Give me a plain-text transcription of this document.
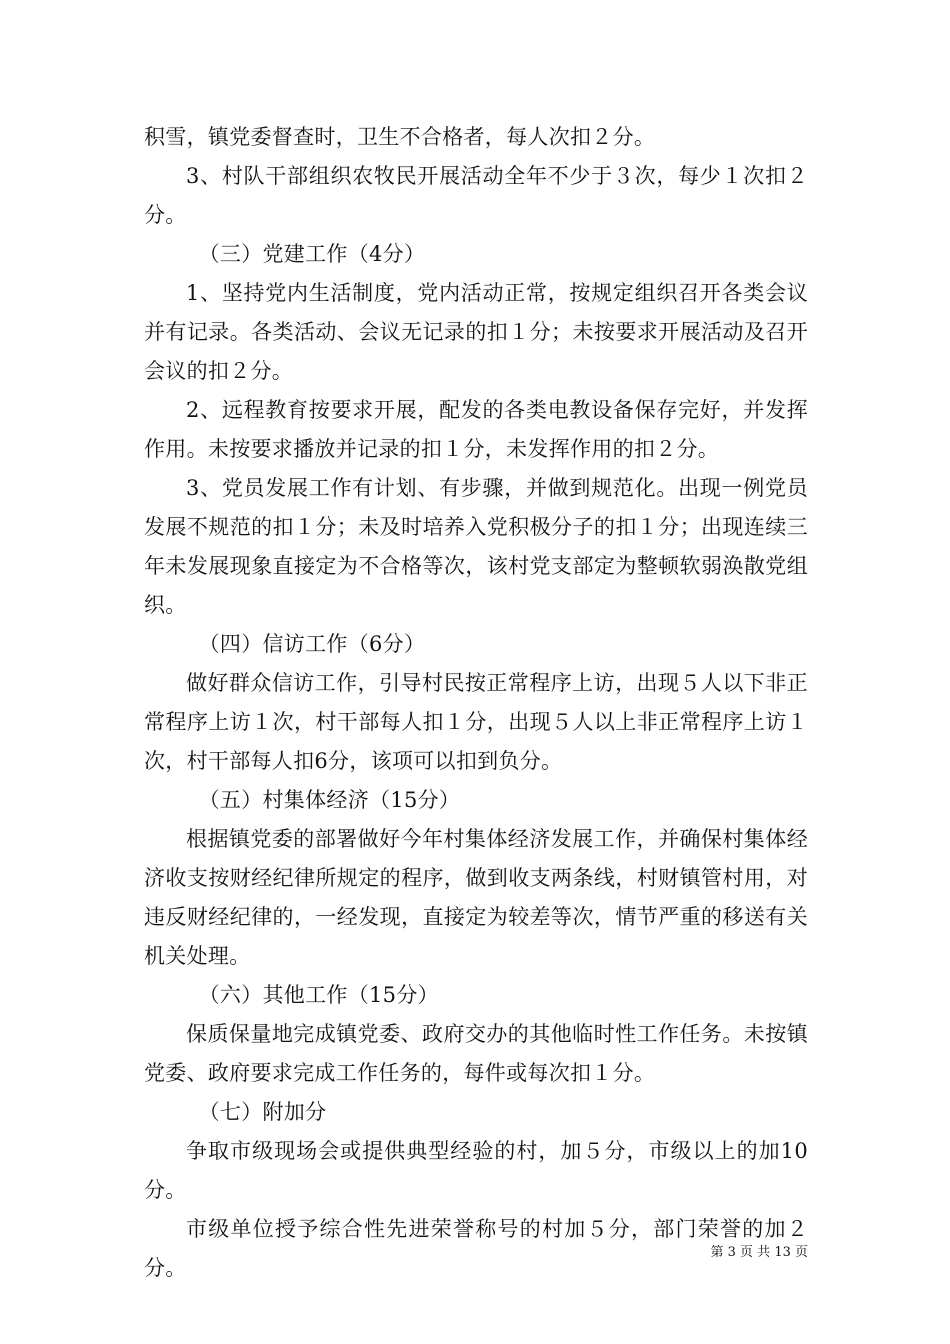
积雪，镇党委督查时，卫生不合格者，每人次扣２分。

3、村队干部组织农牧民开展活动全年不少于３次，每少１次扣２分。

（三）党建工作（4分）

1、坚持党内生活制度，党内活动正常，按规定组织召开各类会议并有记录。各类活动、会议无记录的扣１分；未按要求开展活动及召开会议的扣２分。

2、远程教育按要求开展，配发的各类电教设备保存完好，并发挥作用。未按要求播放并记录的扣１分，未发挥作用的扣２分。

3、党员发展工作有计划、有步骤，并做到规范化。出现一例党员发展不规范的扣１分；未及时培养入党积极分子的扣１分；出现连续三年未发展现象直接定为不合格等次，该村党支部定为整顿软弱涣散党组织。

（四）信访工作（6分）

做好群众信访工作，引导村民按正常程序上访，出现５人以下非正常程序上访１次，村干部每人扣１分，出现５人以上非正常程序上访１次，村干部每人扣6分，该项可以扣到负分。

（五）村集体经济（15分）

根据镇党委的部署做好今年村集体经济发展工作，并确保村集体经济收支按财经纪律所规定的程序，做到收支两条线，村财镇管村用，对违反财经纪律的，一经发现，直接定为较差等次，情节严重的移送有关机关处理。

（六）其他工作（15分）

保质保量地完成镇党委、政府交办的其他临时性工作任务。未按镇党委、政府要求完成工作任务的，每件或每次扣１分。

（七）附加分

争取市级现场会或提供典型经验的村，加５分，市级以上的加10分。

市级单位授予综合性先进荣誉称号的村加５分，部门荣誉的加２分。

第 3 页 共 13 页
